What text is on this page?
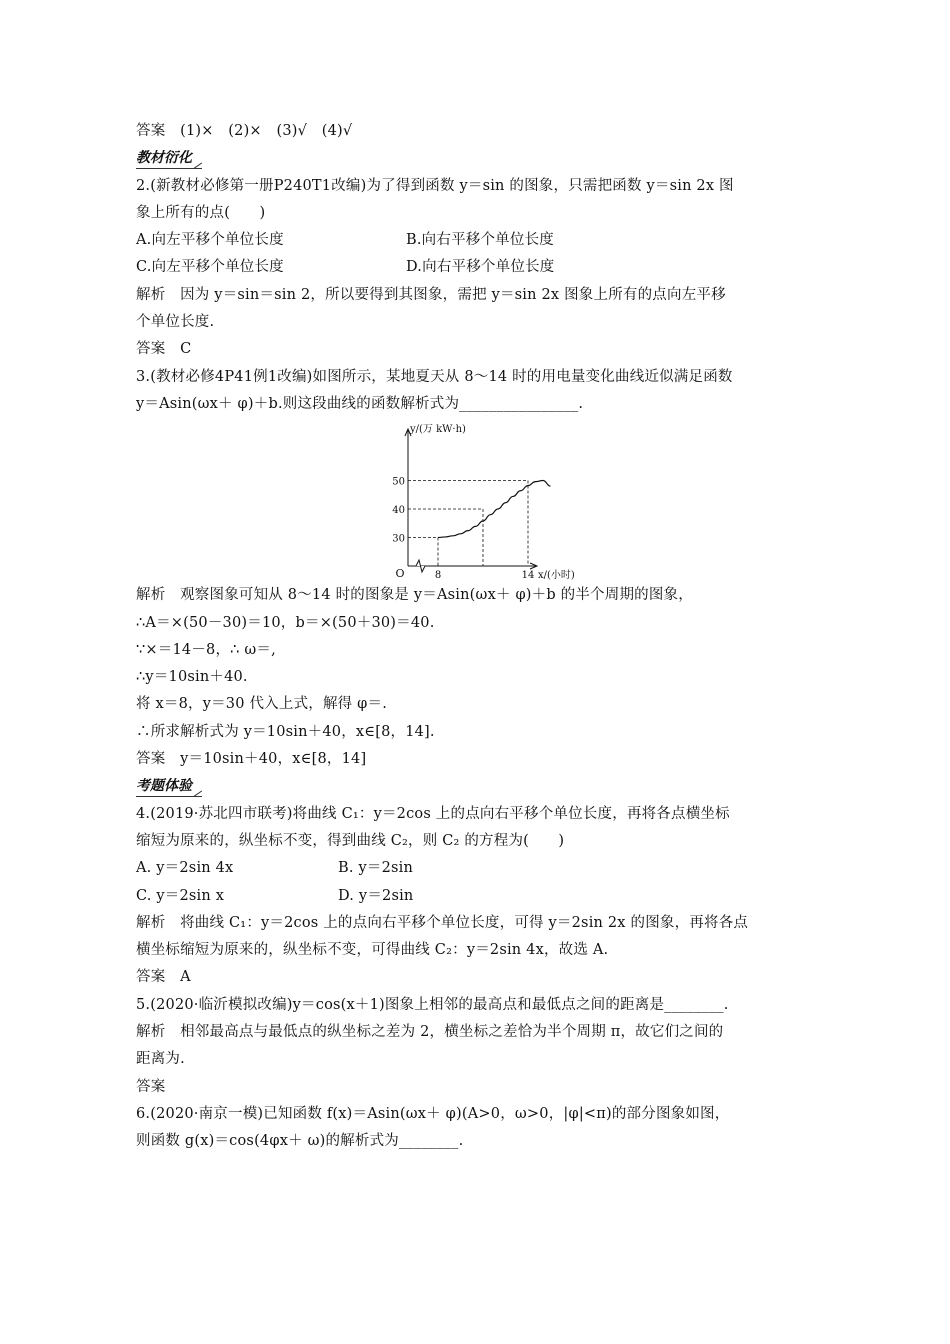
答案　(1)×　(2)×　(3)√　(4)√
教材衍化
2.(新教材必修第一册P240T1改编)为了得到函数 y＝sin 的图象，只需把函数 y＝sin 2x 图
象上所有的点(　　)
A.向左平移个单位长度	B.向右平移个单位长度
C.向左平移个单位长度	D.向右平移个单位长度
解析　因为 y＝sin＝sin 2，所以要得到其图象，需把 y＝sin 2x 图象上所有的点向左平移
个单位长度.
答案　C
3.(教材必修4P41例1改编)如图所示，某地夏天从 8～14 时的用电量变化曲线近似满足函数
y＝Asin(ωx＋ φ)＋b.则这段曲线的函数解析式为________________.
y/(万 kW·h)
x/(小时)
O	8	14
30
40
50
解析　观察图象可知从 8～14 时的图象是 y＝Asin(ωx＋ φ)＋b 的半个周期的图象，
∴A＝×(50－30)＝10，b＝×(50＋30)＝40.
∵×＝14－8，∴ ω＝,
∴y＝10sin＋40.
将 x＝8，y＝30 代入上式，解得 φ＝.
∴所求解析式为 y＝10sin＋40，x∈[8，14].
答案　y＝10sin＋40，x∈[8，14]
考题体验
4.(2019·苏北四市联考)将曲线 C₁：y＝2cos 上的点向右平移个单位长度，再将各点横坐标
缩短为原来的，纵坐标不变，得到曲线 C₂，则 C₂ 的方程为(　　)
A. y＝2sin 4x	B. y＝2sin
C. y＝2sin x	D. y＝2sin
解析　将曲线 C₁：y＝2cos 上的点向右平移个单位长度，可得 y＝2sin 2x 的图象，再将各点
横坐标缩短为原来的，纵坐标不变，可得曲线 C₂：y＝2sin 4x，故选 A.
答案　A
5.(2020·临沂模拟改编)y＝cos(x＋1)图象上相邻的最高点和最低点之间的距离是________.
解析　相邻最高点与最低点的纵坐标之差为 2，横坐标之差恰为半个周期 π，故它们之间的
距离为.
答案
6.(2020·南京一模)已知函数 f(x)＝Asin(ωx＋ φ)(A>0，ω>0，|φ|<π)的部分图象如图，
则函数 g(x)＝cos(4φx＋ ω)的解析式为________.
